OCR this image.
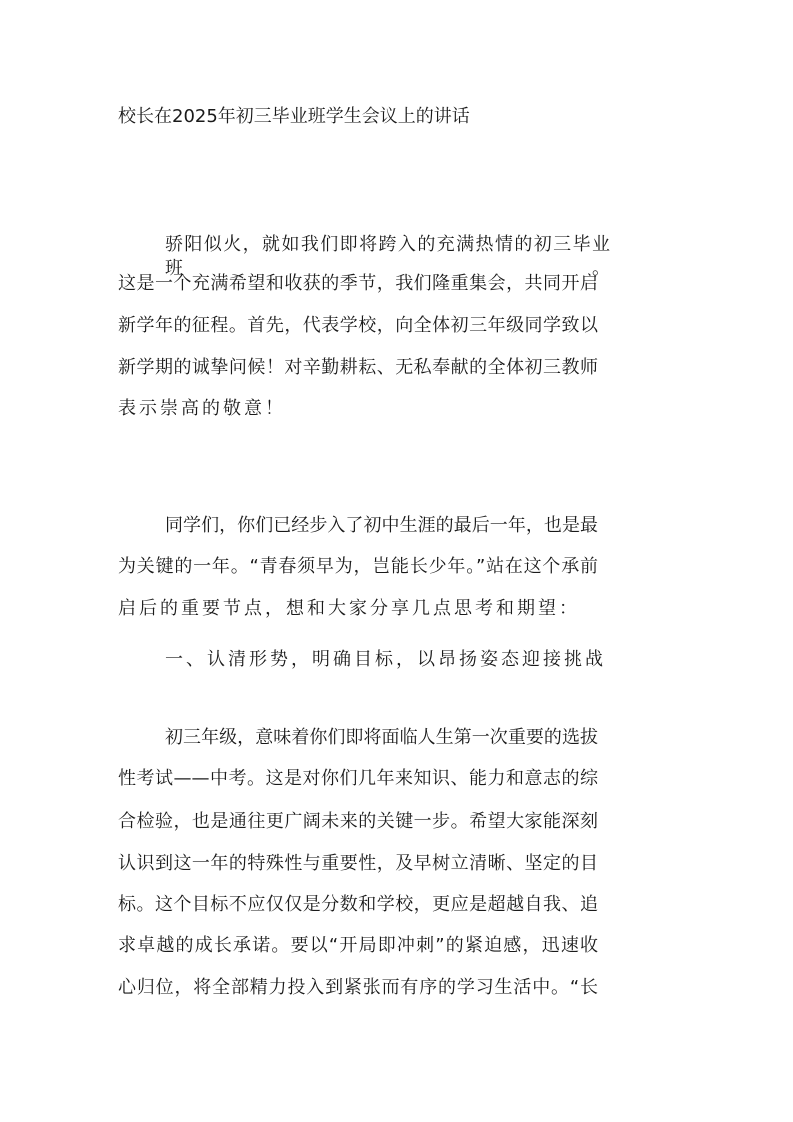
校长在2025年初三毕业班学生会议上的讲话
骄阳似火，就如我们即将跨入的充满热情的初三毕业班。
这是一个充满希望和收获的季节，我们隆重集会，共同开启
新学年的征程。首先，代表学校，向全体初三年级同学致以
新学期的诚挚问候！对辛勤耕耘、无私奉献的全体初三教师
表示崇高的敬意！
同学们，你们已经步入了初中生涯的最后一年，也是最
为关键的一年。“青春须早为，岂能长少年。”站在这个承前
启后的重要节点，想和大家分享几点思考和期望：
一、认清形势，明确目标，以昂扬姿态迎接挑战
初三年级，意味着你们即将面临人生第一次重要的选拔
性考试——中考。这是对你们几年来知识、能力和意志的综
合检验，也是通往更广阔未来的关键一步。希望大家能深刻
认识到这一年的特殊性与重要性，及早树立清晰、坚定的目
标。这个目标不应仅仅是分数和学校，更应是超越自我、追
求卓越的成长承诺。要以“开局即冲刺”的紧迫感，迅速收
心归位，将全部精力投入到紧张而有序的学习生活中。“长
